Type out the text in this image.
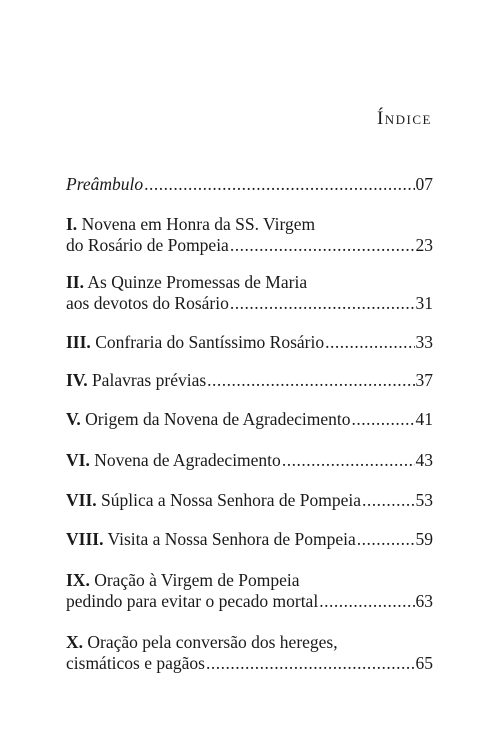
Índice
Preâmbulo .....	07
I. Novena em Honra da SS. Virgem
do Rosário de Pompeia .....	23
II. As Quinze Promessas de Maria
aos devotos do Rosário .....	31
III. Confraria do Santíssimo Rosário .....	33
IV. Palavras prévias .....	37
V. Origem da Novena de Agradecimento .....	41
VI. Novena de Agradecimento .....	43
VII. Súplica a Nossa Senhora de Pompeia .....	53
VIII. Visita a Nossa Senhora de Pompeia .....	59
IX. Oração à Virgem de Pompeia
pedindo para evitar o pecado mortal .....	63
X. Oração pela conversão dos hereges,
cismáticos e pagãos .....	65
